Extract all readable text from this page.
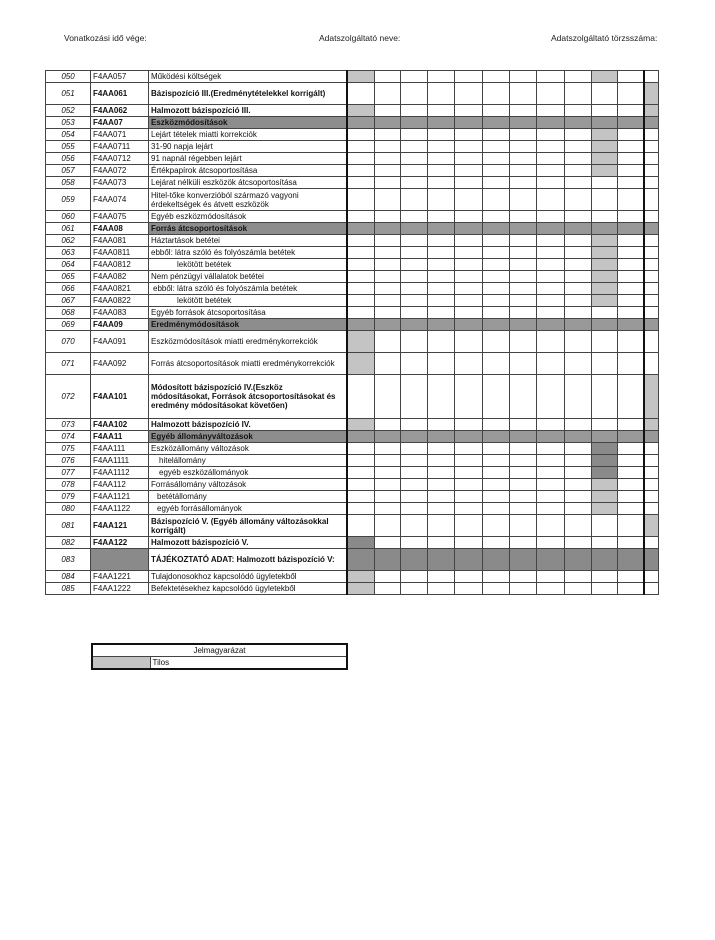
Vonatkozási idő vége:	Adatszolgáltató neve:	Adatszolgáltató törzsszáma:
050	F4AA057	Működési költségek												
051	F4AA061	Bázispozíció III.(Eredménytételekkel korrigált)												
052	F4AA062	Halmozott bázispozíció III.												
053	F4AA07	Eszközmódosítások												
054	F4AA071	Lejárt tételek miatti korrekciók												
055	F4AA0711	31-90 napja lejárt												
056	F4AA0712	91 napnál régebben lejárt												
057	F4AA072	Értékpapírok átcsoportosítása												
058	F4AA073	Lejárat nélküli eszközök átcsoportosítása												
059	F4AA074	Hitel-tőke konverzióból származó vagyoni érdekeltségek és átvett eszközök												
060	F4AA075	Egyéb eszközmódosítások												
061	F4AA08	Forrás átcsoportosítások												
062	F4AA081	Háztartások betétei												
063	F4AA0811	ebből: látra szóló és folyószámla betétek												
064	F4AA0812	lekötött betétek												
065	F4AA082	Nem pénzügyi vállalatok betétei												
066	F4AA0821	ebből: látra szóló és folyószámla betétek												
067	F4AA0822	lekötött betétek												
068	F4AA083	Egyéb források átcsoportosítása												
069	F4AA09	Eredménymódosítások												
070	F4AA091	Eszközmódosítások miatti eredménykorrekciók												
071	F4AA092	Forrás átcsoportosítások miatti eredménykorrekciók												
072	F4AA101	Módosított bázispozíció IV.(Eszköz módosításokat, Források átcsoportosításokat és eredmény módosításokat követően)												
073	F4AA102	Halmozott bázispozíció IV.												
074	F4AA11	Egyéb állományváltozások												
075	F4AA111	Eszközállomány változások												
076	F4AA1111	hitelállomány												
077	F4AA1112	egyéb eszközállományok												
078	F4AA112	Forrásállomány változások												
079	F4AA1121	betétállomány												
080	F4AA1122	egyéb forrásállományok												
081	F4AA121	Bázispozíció V. (Egyéb állomány változásokkal korrigált)												
082	F4AA122	Halmozott bázispozíció V.												
083		TÁJÉKOZTATÓ ADAT: Halmozott bázispozíció V:												
084	F4AA1221	Tulajdonosokhoz kapcsolódó ügyletekből												
085	F4AA1222	Befektetésekhez kapcsolódó ügyletekből												
Jelmagyarázat
	Tilos
